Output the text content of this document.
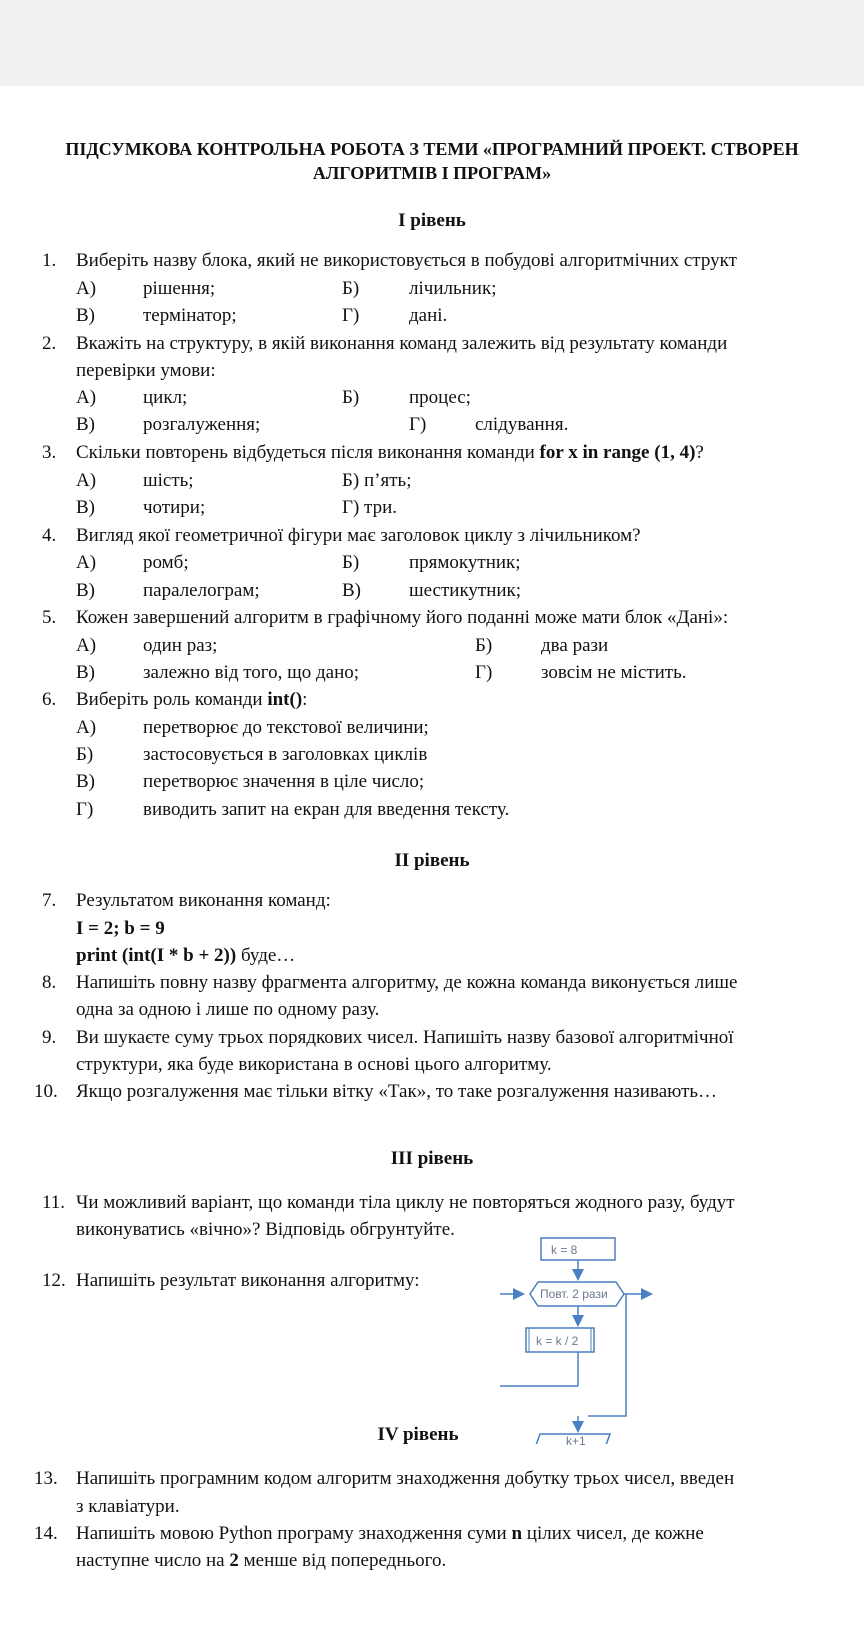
ПІДСУМКОВА КОНТРОЛЬНА РОБОТА З ТЕМИ «ПРОГРАМНИЙ ПРОЕКТ. СТВОРЕН
АЛГОРИТМІВ І ПРОГРАМ»
І рівень
1. Виберіть назву блока, який не використовується в побудові алгоритмічних структ
А) рішення;	Б)	лічильник;
В)	термінатор;	Г)	дані.
2. Вкажіть на структуру, в якій виконання команд залежить від результату команди
перевірки умови:
А) цикл;	Б)	процес;
В)	розгалуження;	Г)	слідування.
3. Скільки повторень відбудеться після виконання команди for x in range (1, 4)?
А) шість;	Б) п’ять;
В)	чотири;	Г) три.
4. Вигляд якої геометричної фігури має заголовок циклу з лічильником?
А) ромб;	Б)	прямокутник;
В)	паралелограм;	В)	шестикутник;
5. Кожен завершений алгоритм в графічному його поданні може мати блок «Дані»:
А) один раз;	Б)	два рази
В)	залежно від того, що дано;	Г)	зовсім не містить.
6. Виберіть роль команди int():
А) перетворює до текстової величини;
Б)	застосовується в заголовках циклів
В)	перетворює значення в ціле число;
Г)	виводить запит на екран для введення тексту.
ІІ рівень
7. Результатом виконання команд:
I = 2; b = 9
print (int(I * b + 2)) буде…
8. Напишіть повну назву фрагмента алгоритму, де кожна команда виконується лише
одна за одною і лише по одному разу.
9. Ви шукаєте суму трьох порядкових чисел. Напишіть назву базової алгоритмічної
структури, яка буде використана в основі цього алгоритму.
10. Якщо розгалуження має тільки вітку «Так», то таке розгалуження називають…
ІІІ рівень
11. Чи можливий варіант, що команди тіла циклу не повторяться жодного разу, будут
виконуватись «вічно»? Відповідь обгрунтуйте.
12. Напишіть результат виконання алгоритму:
IV рівень
13. Напишіть програмним кодом алгоритм знаходження добутку трьох чисел, введен
з клавіатури.
14. Напишіть мовою Python програму знаходження суми n цілих чисел, де кожне
наступне число на 2 менше від попереднього.
k = 8
Повт. 2 рази
k = k / 2
k+1
